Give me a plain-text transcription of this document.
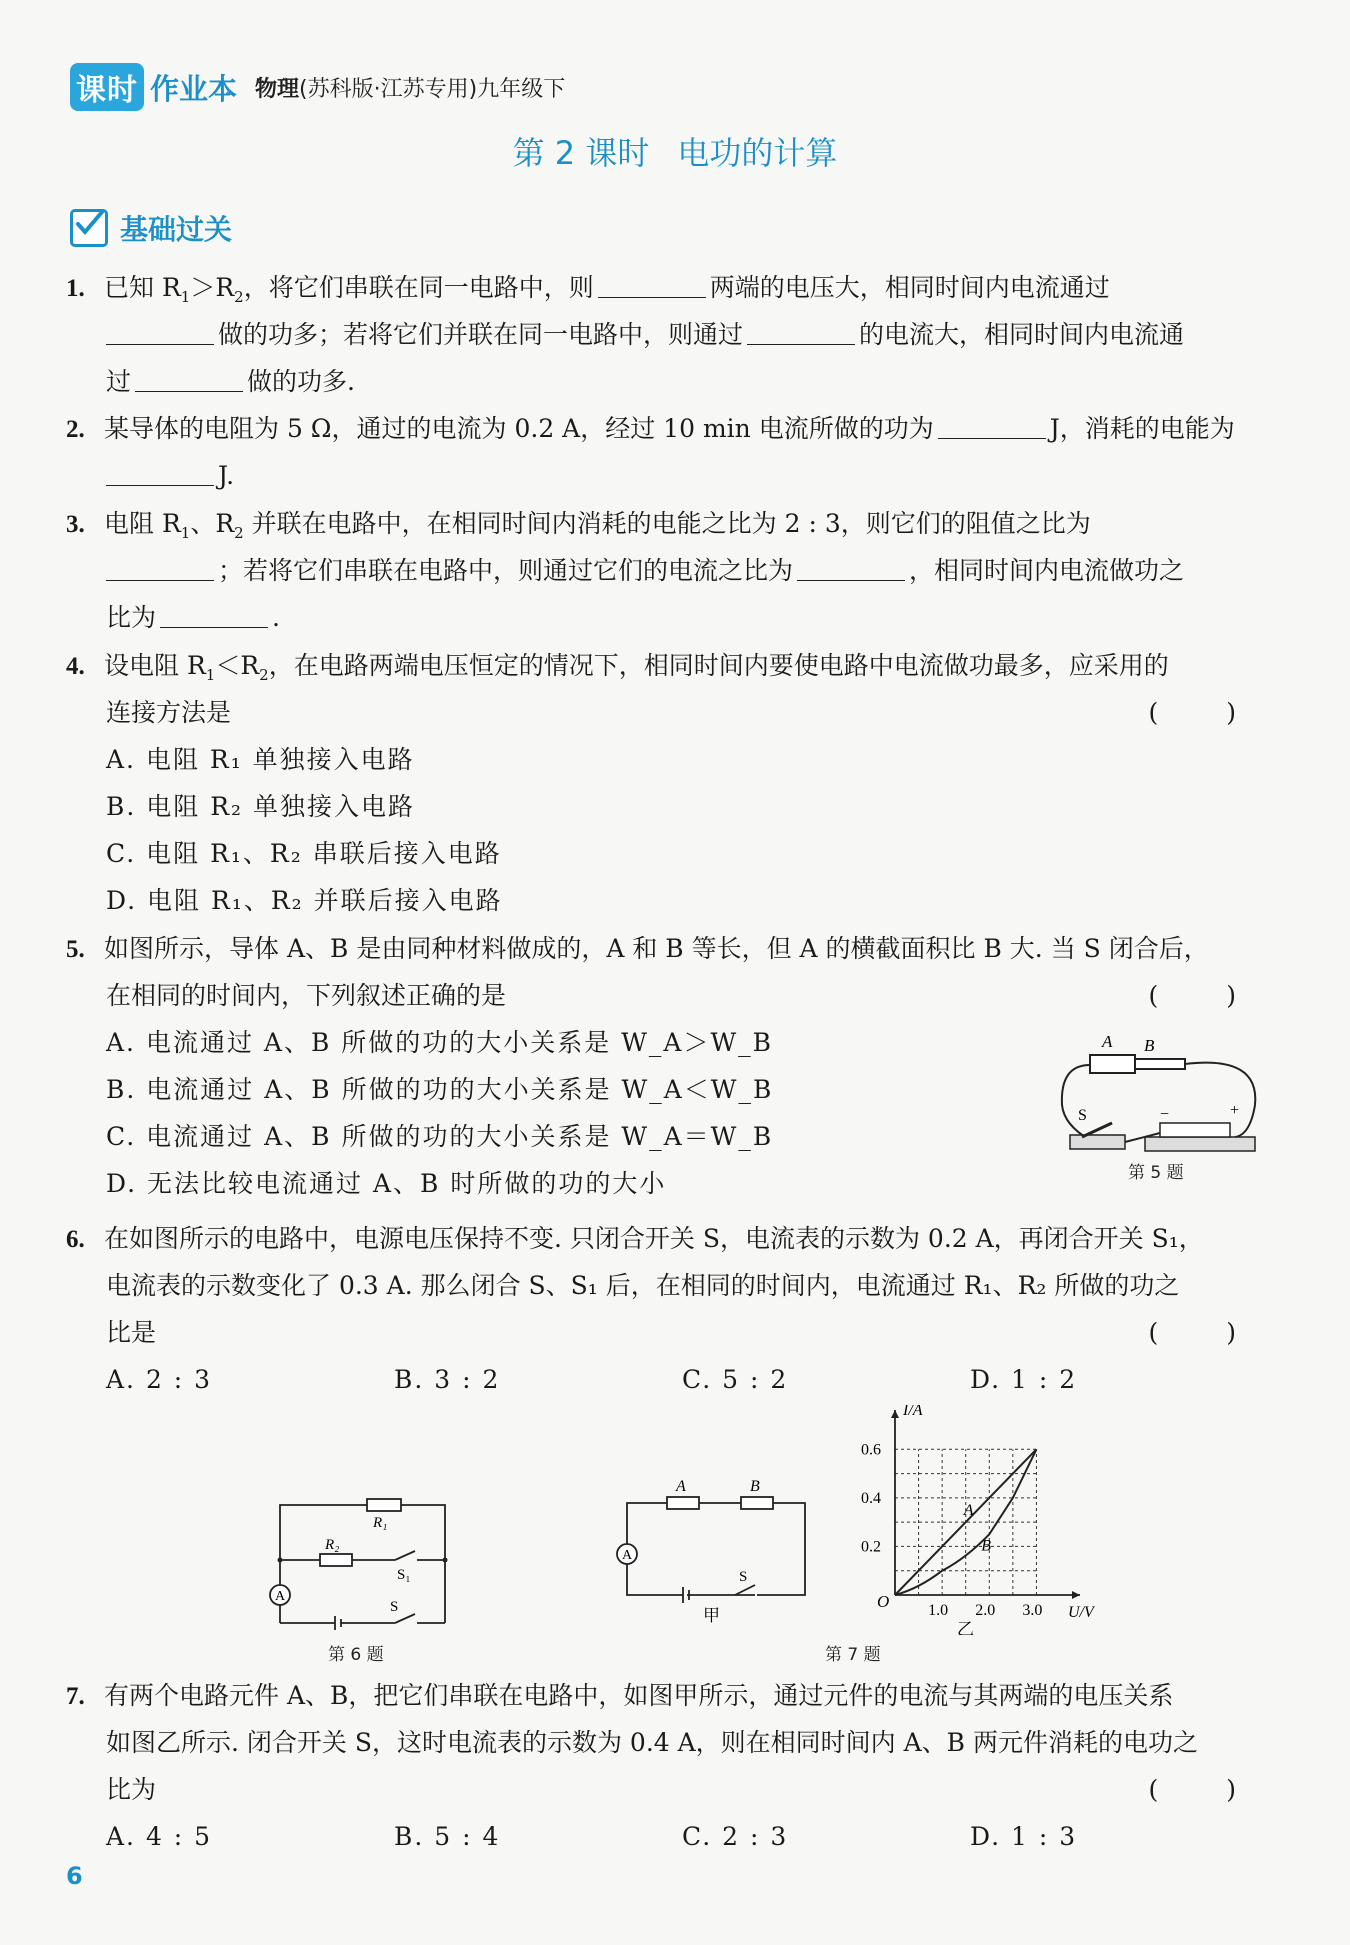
课时 作业本 物理(苏科版·江苏专用)九年级下
第 2 课时 电功的计算
基础过关
1. 已知 $R_1>R_2$，将它们串联在同一电路中，则	两端的电压大，相同时间内电流通过
做的功多；若将它们并联在同一电路中，则通过	的电流大，相同时间内电流通
过	做的功多.
2. 某导体的电阻为 5 Ω，通过的电流为 0.2 A，经过 10 min 电流所做的功为	J，消耗的电能为
J.
3. 电阻 $R_1$、$R_2$ 并联在电路中，在相同时间内消耗的电能之比为 2 : 3，则它们的阻值之比为
；若将它们串联在电路中，则通过它们的电流之比为	，相同时间内电流做功之
比为	.
4. 设电阻 $R_1<R_2$，在电路两端电压恒定的情况下，相同时间内要使电路中电流做功最多，应采用的
连接方法是	( )
A. 电阻 R₁ 单独接入电路
B. 电阻 R₂ 单独接入电路
C. 电阻 R₁、R₂ 串联后接入电路
D. 电阻 R₁、R₂ 并联后接入电路
5. 如图所示，导体 A、B 是由同种材料做成的，A 和 B 等长，但 A 的横截面积比 B 大. 当 S 闭合后，
在相同的时间内，下列叙述正确的是	( )
A. 电流通过 A、B 所做的功的大小关系是 W_A＞W_B
B. 电流通过 A、B 所做的功的大小关系是 W_A＜W_B
C. 电流通过 A、B 所做的功的大小关系是 W_A＝W_B
D. 无法比较电流通过 A、B 时所做的功的大小
A B
S	−	+
第 5 题
6. 在如图所示的电路中，电源电压保持不变. 只闭合开关 S，电流表的示数为 0.2 A，再闭合开关 S₁，
电流表的示数变化了 0.3 A. 那么闭合 S、S₁ 后，在相同的时间内，电流通过 R₁、R₂ 所做的功之
比是	( )
A. 2 : 3	B. 3 : 2	C. 5 : 2	D. 1 : 2
A
R₁
R₂
S₁
S
第 6 题
A
A	B
S
甲	1.0 2.0 3.0
0.2
0.4
0.6
O
U/V
I/A
A
B
乙
第 7 题
7. 有两个电路元件 A、B，把它们串联在电路中，如图甲所示，通过元件的电流与其两端的电压关系
如图乙所示. 闭合开关 S，这时电流表的示数为 0.4 A，则在相同时间内 A、B 两元件消耗的电功之
比为	( )
A. 4 : 5	B. 5 : 4	C. 2 : 3	D. 1 : 3
6
